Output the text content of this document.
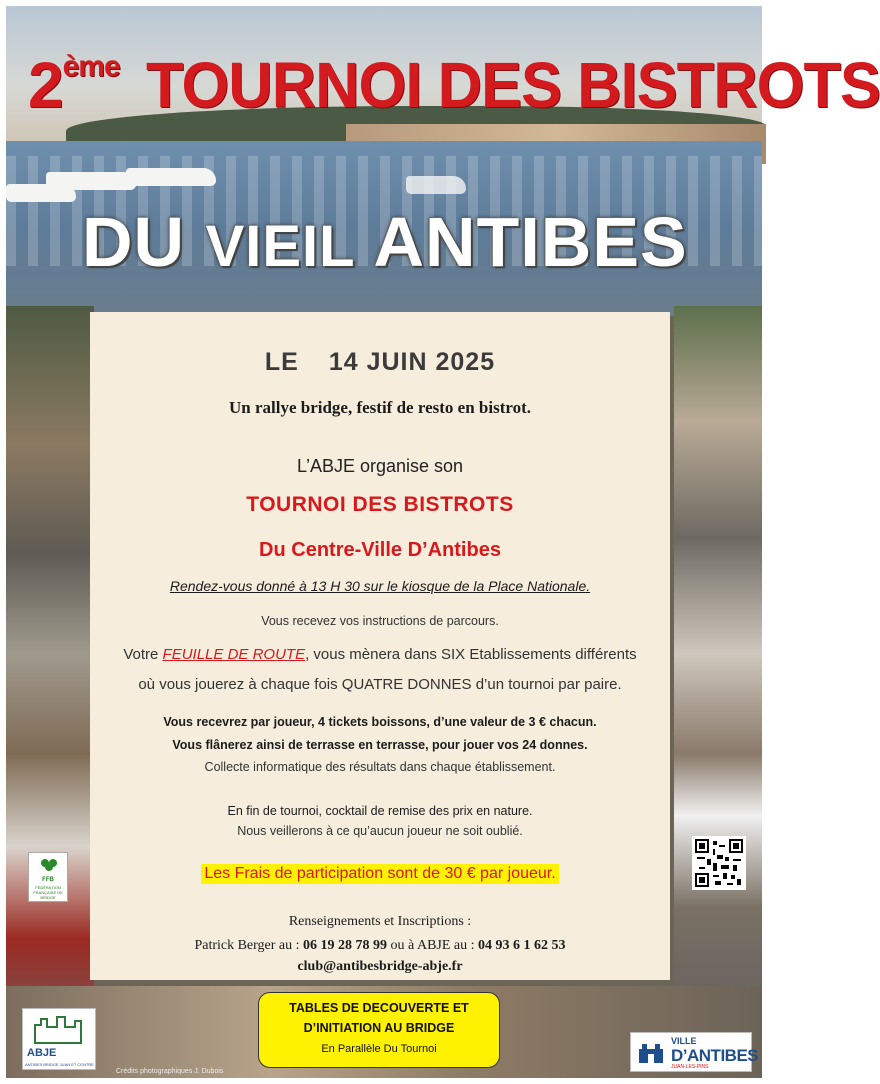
2ème TOURNOI DES BISTROTS
DU VIEIL ANTIBES
LE 14 JUIN 2025
Un rallye bridge, festif de resto en bistrot.
L’ABJE organise son
TOURNOI DES BISTROTS
Du Centre-Ville D’Antibes
Rendez-vous donné à 13 H 30 sur le kiosque de la Place Nationale.
Vous recevez vos instructions de parcours.
Votre FEUILLE DE ROUTE, vous mènera dans SIX Etablissements différents
où vous jouerez à chaque fois QUATRE DONNES d’un tournoi par paire.
Vous recevrez par joueur, 4 tickets boissons, d’une valeur de 3 € chacun.
Vous flânerez ainsi de terrasse en terrasse, pour jouer vos 24 donnes.
Collecte informatique des résultats dans chaque établissement.
En fin de tournoi, cocktail de remise des prix en nature.
Nous veillerons à ce qu’aucun joueur ne soit oublié.
Les Frais de participation sont de 30 € par joueur.
Renseignements et Inscriptions :
Patrick Berger au : 06 19 28 78 99 ou à ABJE au : 04 93 6 1 62 53
club@antibesbridge-abje.fr
FFB
FÉDÉRATION FRANÇAISE DE BRIDGE
ABJE
ANTIBES BRIDGE JUAN ET CENTRE
Crédits photographiques J. Dubois
TABLES DE DECOUVERTE ET
D’INITIATION AU BRIDGE
En Parallèle Du Tournoi
VILLE
D’ANTIBES
JUAN-LES-PINS
